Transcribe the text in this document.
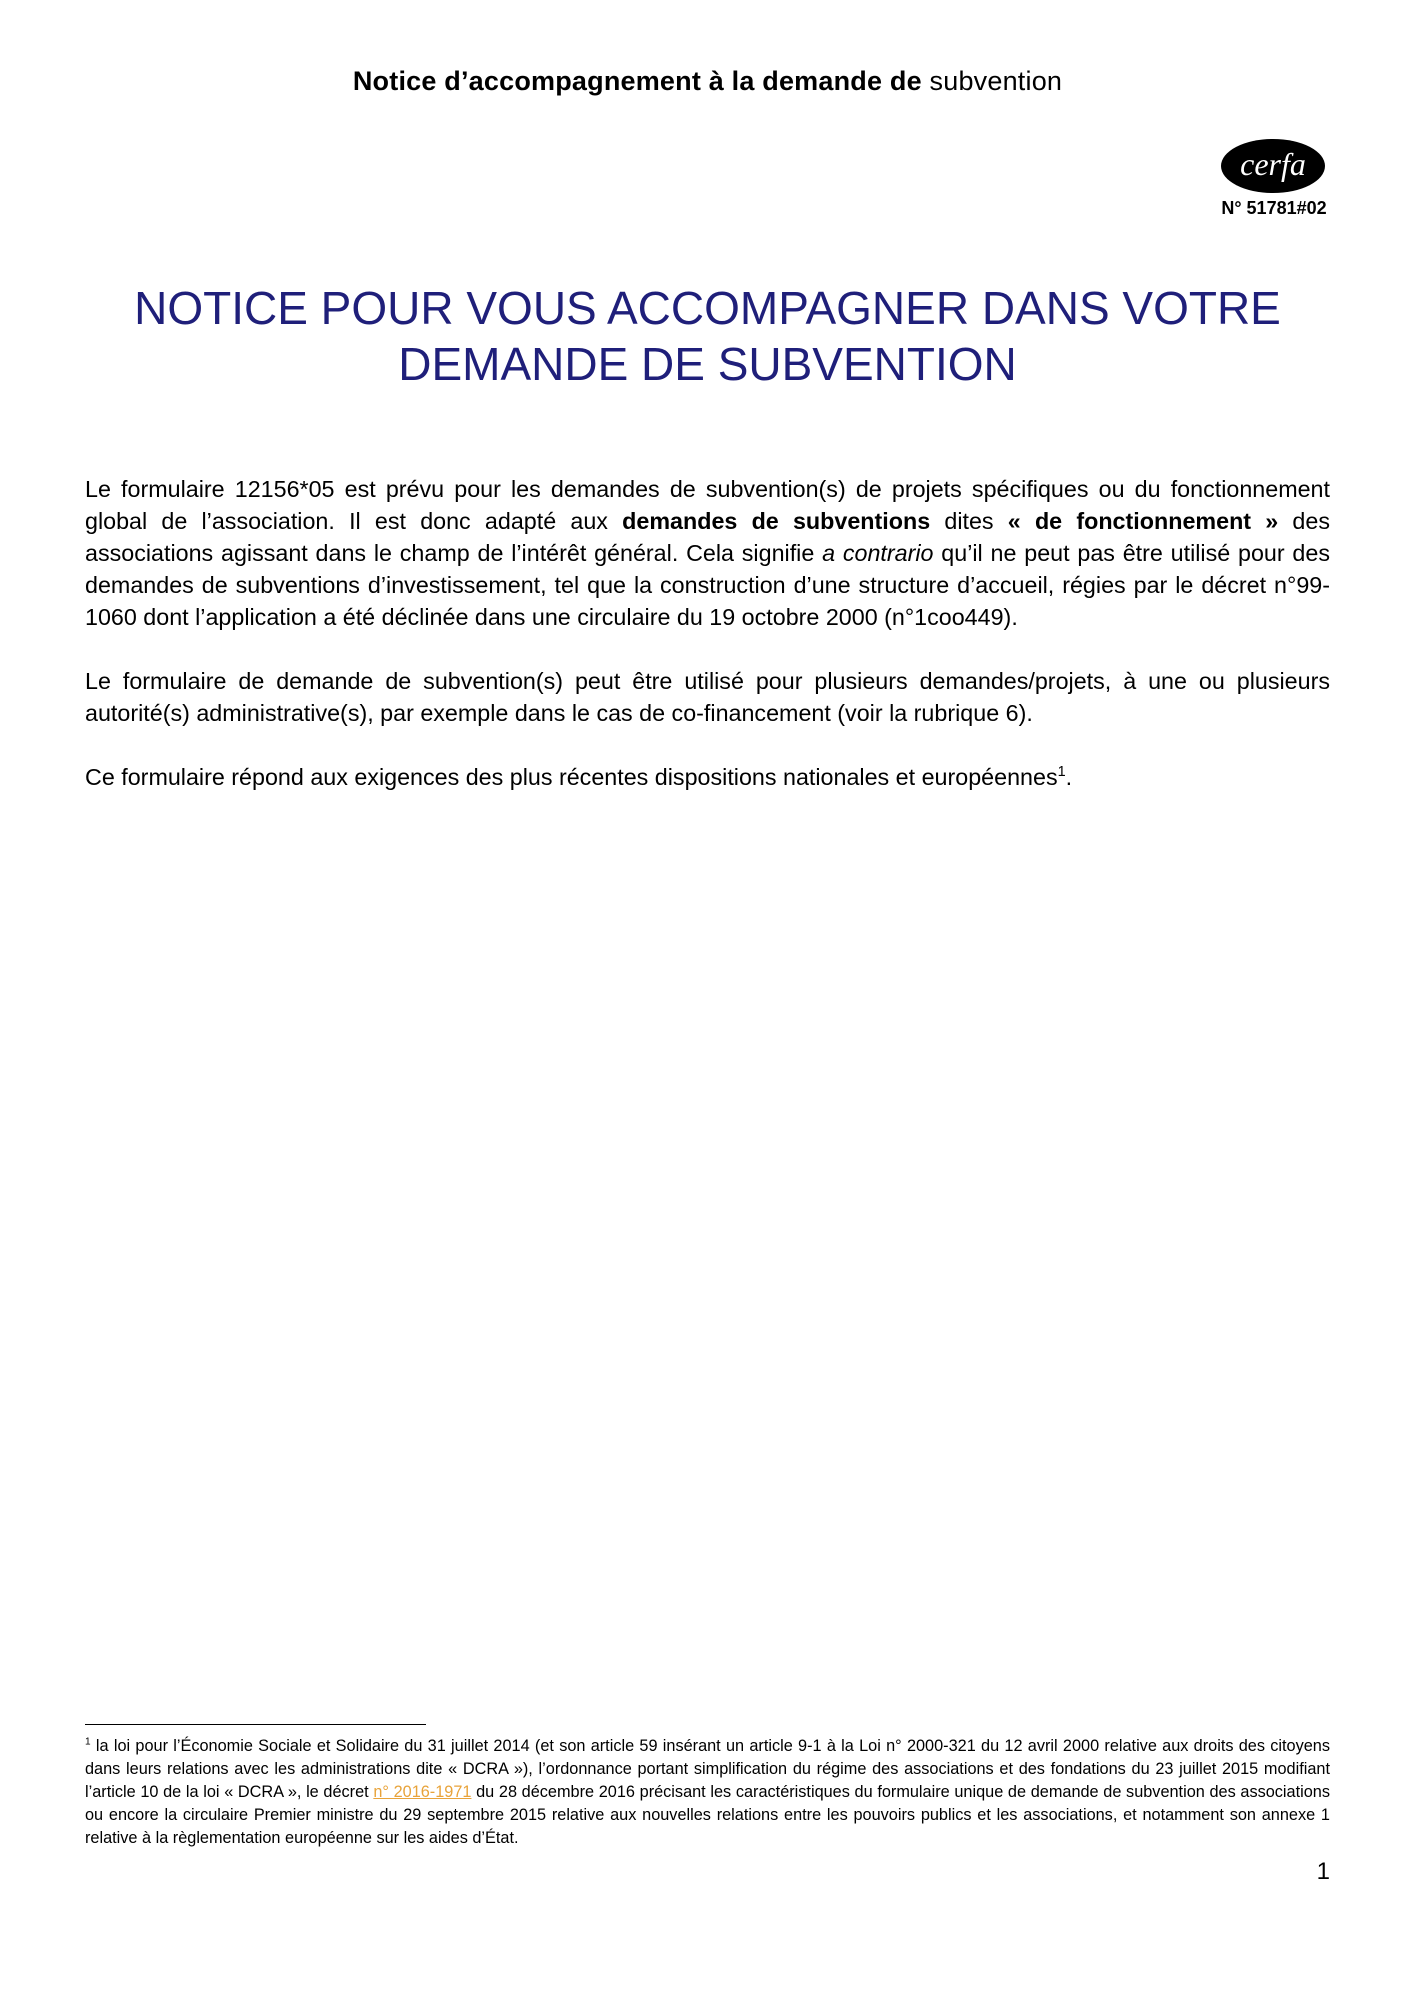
Notice d’accompagnement à la demande de subvention
cerfa
N° 51781#02
NOTICE POUR VOUS ACCOMPAGNER DANS VOTRE
DEMANDE DE SUBVENTION

Le formulaire 12156*05 est prévu pour les demandes de subvention(s) de projets spécifiques ou du fonctionnement global de l’association. Il est donc adapté aux demandes de subventions dites « de fonctionnement » des associations agissant dans le champ de l’intérêt général. Cela signifie a contrario qu’il ne peut pas être utilisé pour des demandes de subventions d’investissement, tel que la construction d’une structure d’accueil, régies par le décret n°99-1060 dont l’application a été déclinée dans une circulaire du 19 octobre 2000 (n°1coo449).

Le formulaire de demande de subvention(s) peut être utilisé pour plusieurs demandes/projets, à une ou plusieurs autorité(s) administrative(s), par exemple dans le cas de co-financement (voir la rubrique 6).

Ce formulaire répond aux exigences des plus récentes dispositions nationales et européennes$^1$.

$^1$ la loi pour l’Économie Sociale et Solidaire du 31 juillet 2014 (et son article 59 insérant un article 9-1 à la Loi n° 2000-321 du 12 avril 2000 relative aux droits des citoyens dans leurs relations avec les administrations dite « DCRA »), l’ordonnance portant simplification du régime des associations et des fondations du 23 juillet 2015 modifiant l’article 10 de la loi « DCRA », le décret n° 2016-1971 du 28 décembre 2016 précisant les caractéristiques du formulaire unique de demande de subvention des associations ou encore la circulaire Premier ministre du 29 septembre 2015 relative aux nouvelles relations entre les pouvoirs publics et les associations, et notamment son annexe 1 relative à la règlementation européenne sur les aides d’État.
1
